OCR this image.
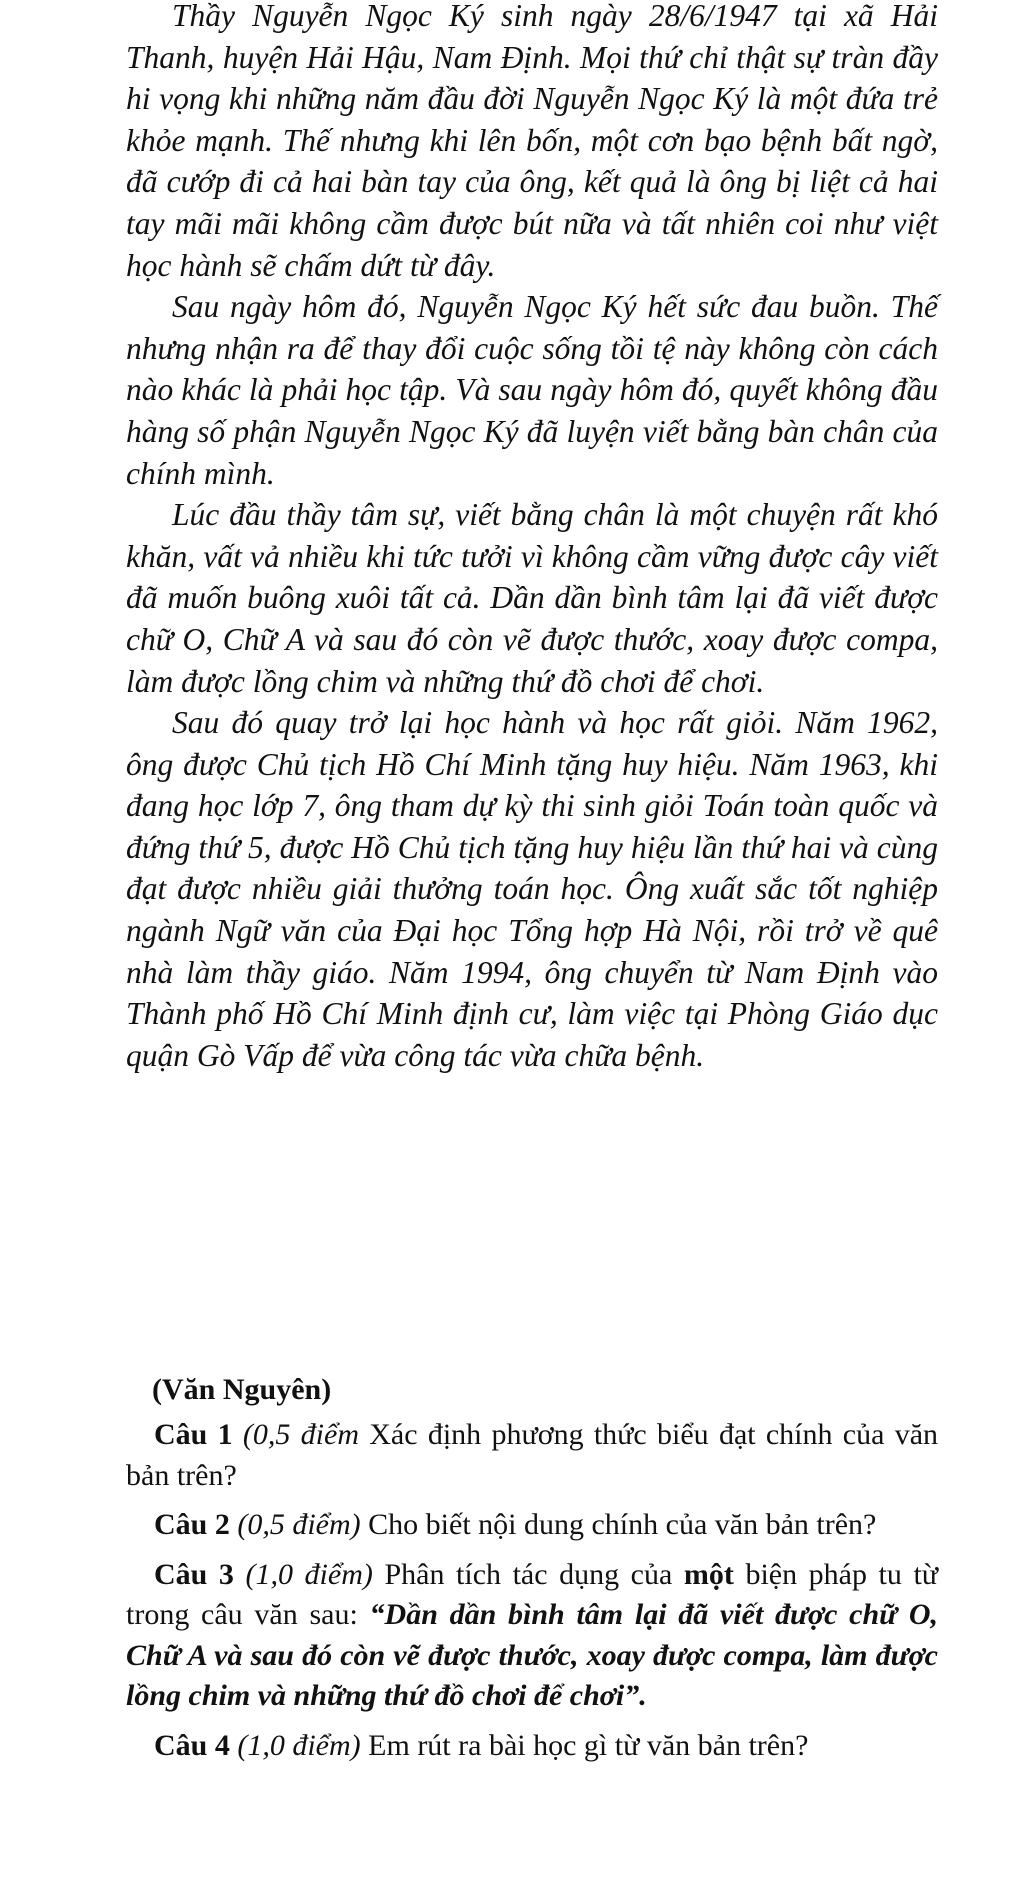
Thầy Nguyễn Ngọc Ký sinh ngày 28/6/1947 tại xã Hải Thanh, huyện Hải Hậu, Nam Định. Mọi thứ chỉ thật sự tràn đầy hi vọng khi những năm đầu đời Nguyễn Ngọc Ký là một đứa trẻ khỏe mạnh. Thế nhưng khi lên bốn, một cơn bạo bệnh bất ngờ, đã cướp đi cả hai bàn tay của ông, kết quả là ông bị liệt cả hai tay mãi mãi không cầm được bút nữa và tất nhiên coi như việt học hành sẽ chấm dứt từ đây.

Sau ngày hôm đó, Nguyễn Ngọc Ký hết sức đau buồn. Thế nhưng nhận ra để thay đổi cuộc sống tồi tệ này không còn cách nào khác là phải học tập. Và sau ngày hôm đó, quyết không đầu hàng số phận Nguyễn Ngọc Ký đã luyện viết bằng bàn chân của chính mình.

Lúc đầu thầy tâm sự, viết bằng chân là một chuyện rất khó khăn, vất vả nhiều khi tức tưởi vì không cầm vững được cây viết đã muốn buông xuôi tất cả. Dần dần bình tâm lại đã viết được chữ O, Chữ A và sau đó còn vẽ được thước, xoay được compa, làm được lồng chim và những thứ đồ chơi để chơi.

Sau đó quay trở lại học hành và học rất giỏi. Năm 1962, ông được Chủ tịch Hồ Chí Minh tặng huy hiệu. Năm 1963, khi đang học lớp 7, ông tham dự kỳ thi sinh giỏi Toán toàn quốc và đứng thứ 5, được Hồ Chủ tịch tặng huy hiệu lần thứ hai và cùng đạt được nhiều giải thưởng toán học. Ông xuất sắc tốt nghiệp ngành Ngữ văn của Đại học Tổng hợp Hà Nội, rồi trở về quê nhà làm thầy giáo. Năm 1994, ông chuyển từ Nam Định vào Thành phố Hồ Chí Minh định cư, làm việc tại Phòng Giáo dục quận Gò Vấp để vừa công tác vừa chữa bệnh.

(Văn Nguyên)

Câu 1 (0,5 điểm Xác định phương thức biểu đạt chính của văn bản trên?

Câu 2 (0,5 điểm) Cho biết nội dung chính của văn bản trên?

Câu 3 (1,0 điểm) Phân tích tác dụng của một biện pháp tu từ trong câu văn sau: “Dần dần bình tâm lại đã viết được chữ O, Chữ A và sau đó còn vẽ được thước, xoay được compa, làm được lồng chim và những thứ đồ chơi để chơi”.

Câu 4 (1,0 điểm) Em rút ra bài học gì từ văn bản trên?
